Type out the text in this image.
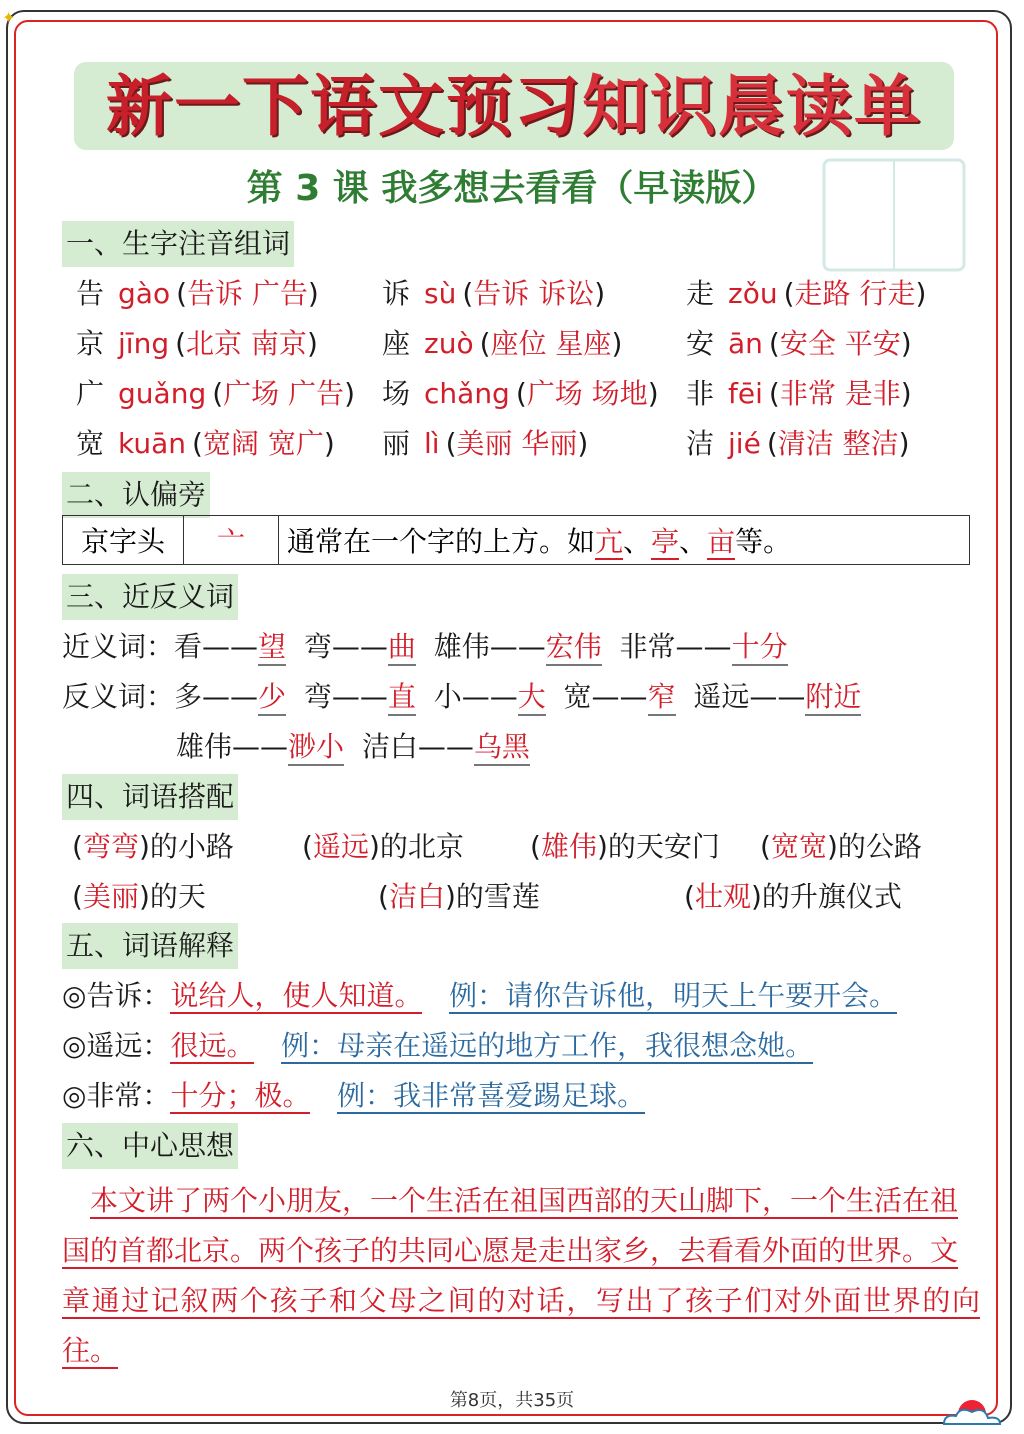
✦
新一下语文预习知识晨读单
第 3 课 我多想去看看（早读版）
一、生字注音组词
告 gào (告诉 广告) 诉 sù (告诉 诉讼)	走 zǒu (走路 行走)
京 jīng (北京 南京) 座 zuò (座位 星座) 安 ān (安全 平安)
广 guǎng (广场 广告) 场 chǎng (广场 场地) 非 fēi (非常 是非)
宽 kuān (宽阔 宽广) 丽 lì (美丽 华丽)	洁 jié (清洁 整洁)
二、认偏旁
京字头	亠	通常在一个字的上方。如亢、亭、亩等。
三、近反义词
近义词：看——望 弯——曲 雄伟——宏伟 非常——十分
反义词：多——少 弯——直 小——大 宽——窄 遥远——附近
雄伟——渺小 洁白——乌黑
四、词语搭配
(弯弯)的小路 (遥远)的北京 (雄伟)的天安门 (宽宽)的公路
(美丽)的天	(洁白)的雪莲	(壮观)的升旗仪式
五、词语解释
◎告诉：说给人，使人知道。 例：请你告诉他，明天上午要开会。
◎遥远：很远。 例：母亲在遥远的地方工作，我很想念她。
◎非常：十分；极。 例：我非常喜爱踢足球。
六、中心思想
本文讲了两个小朋友，一个生活在祖国西部的天山脚下，一个生活在祖
国的首都北京。两个孩子的共同心愿是走出家乡，去看看外面的世界。文
章通过记叙两个孩子和父母之间的对话，写出了孩子们对外面世界的向往。
第8页，共35页
